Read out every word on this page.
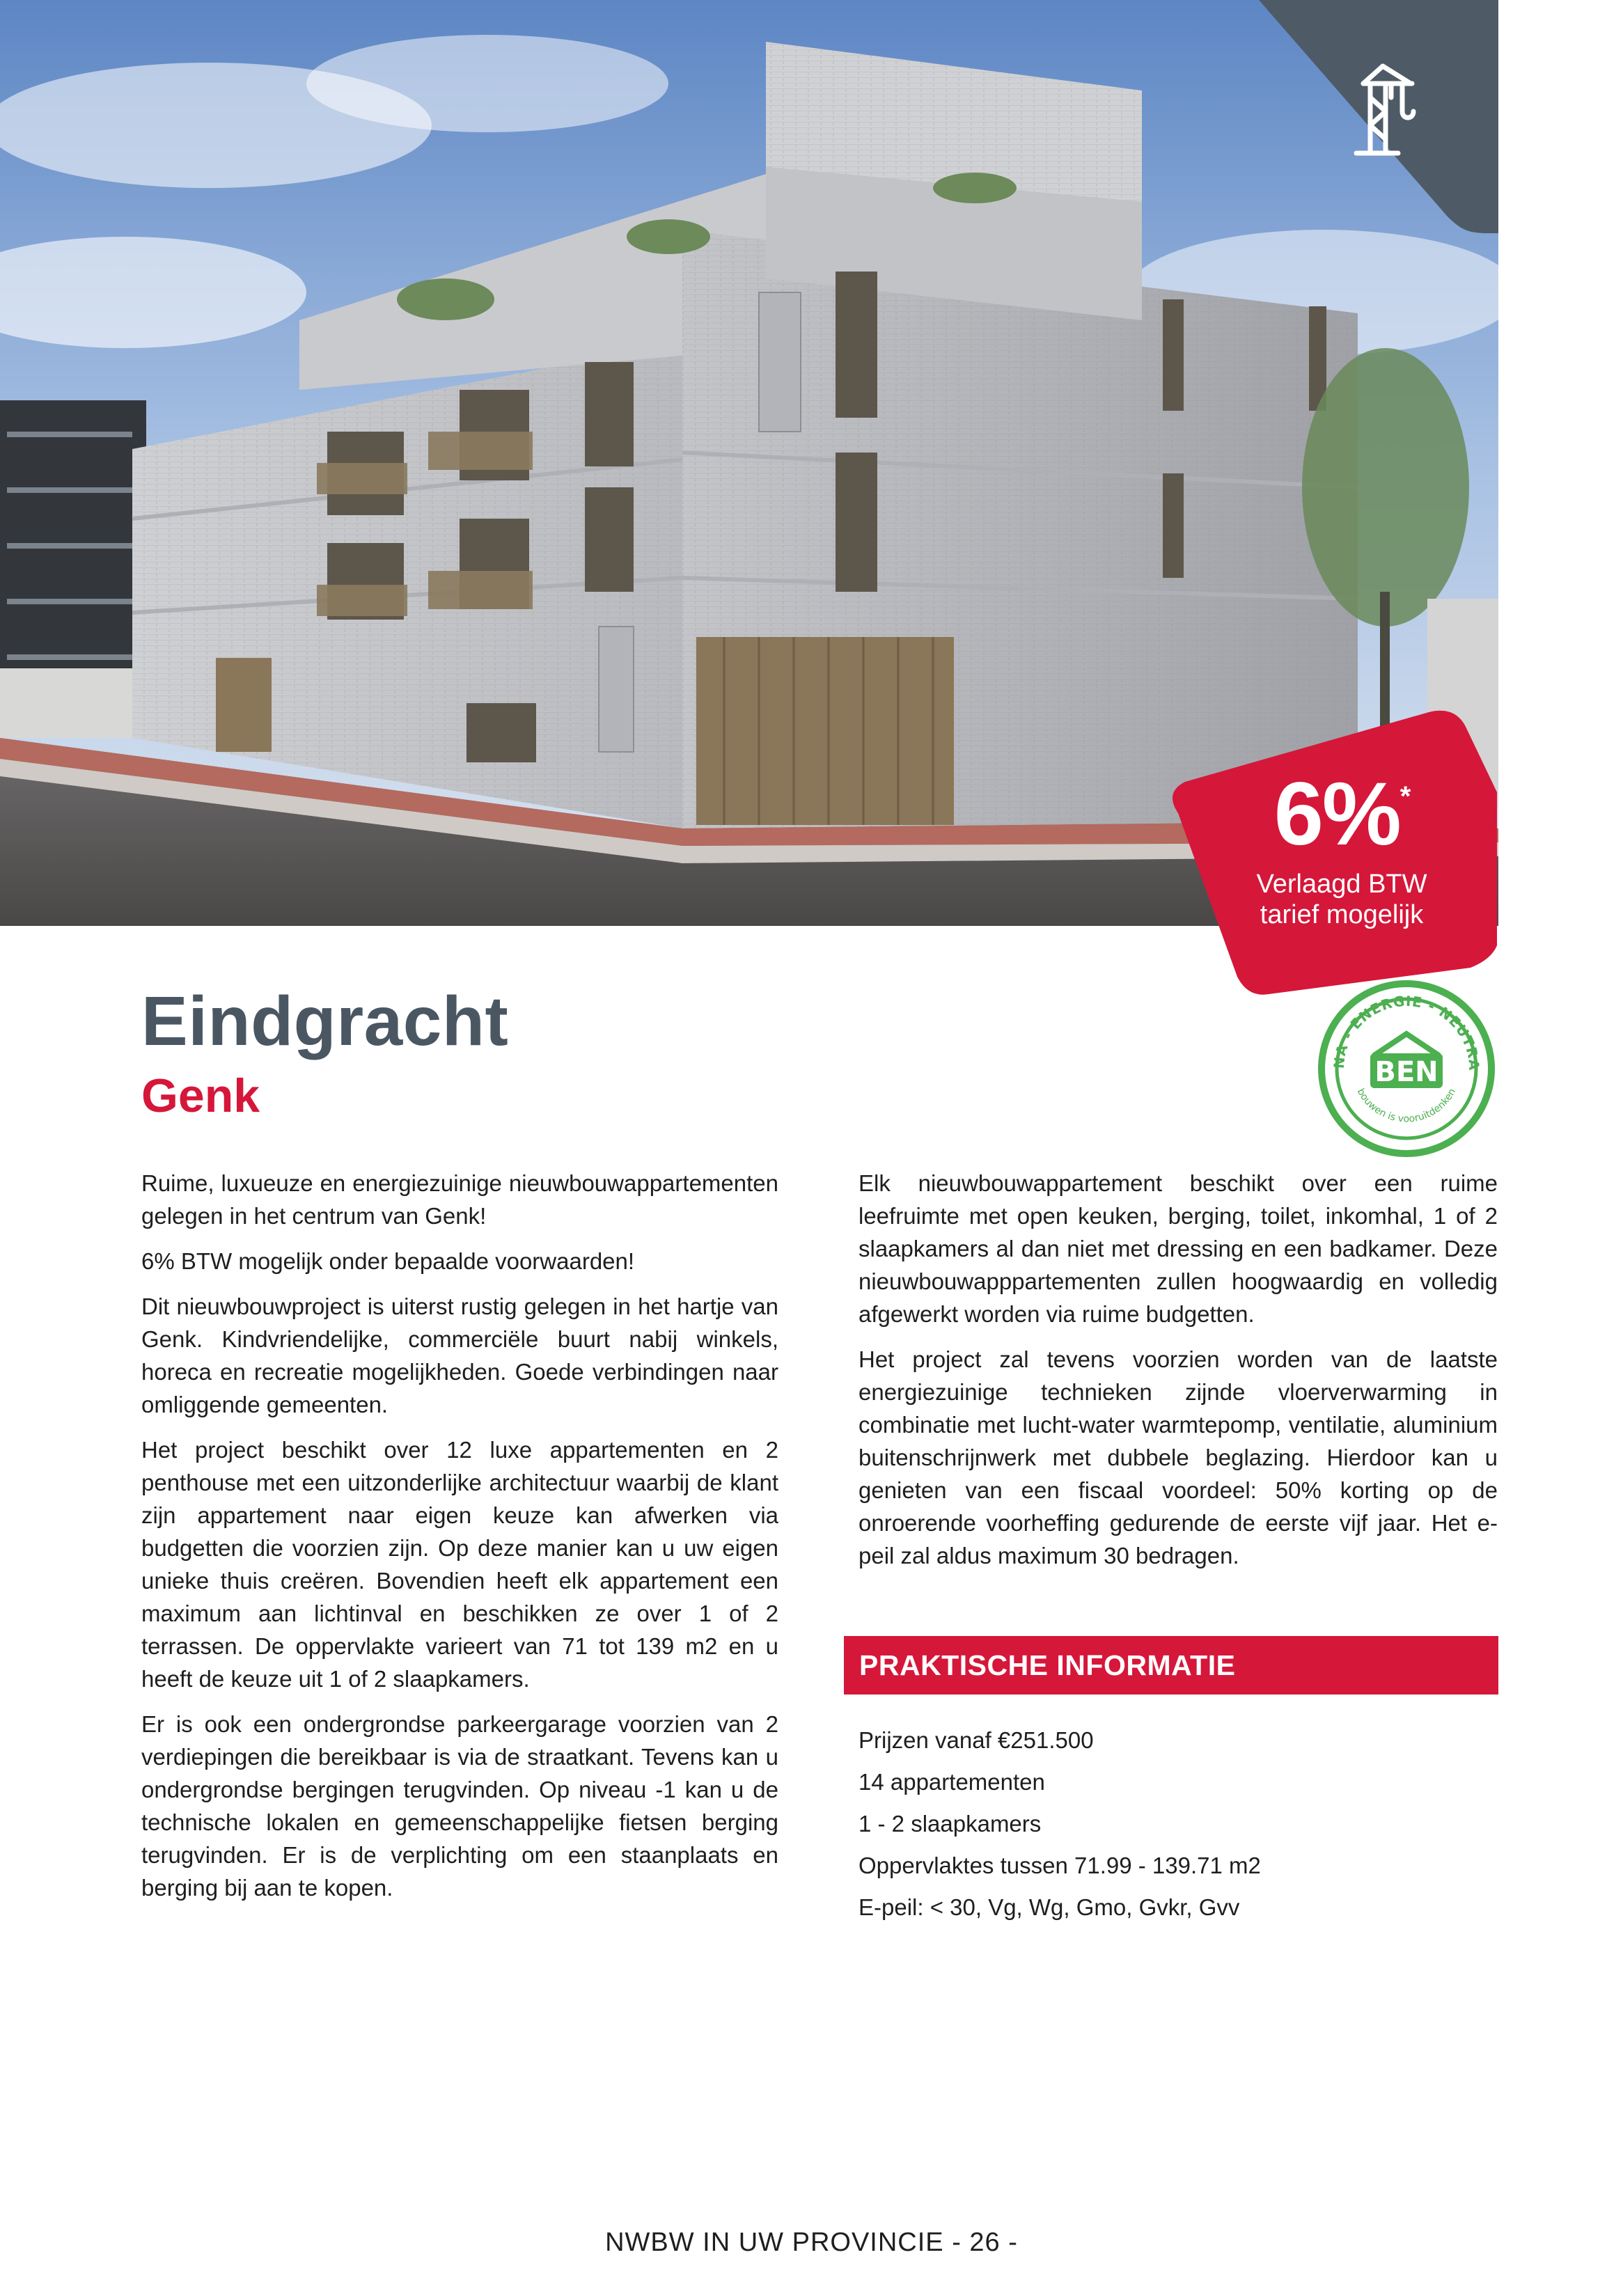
6%*
Verlaagd BTW
tarief mogelijk
NA - ENERGIE - NEUTRA
BEN
bouwen is vooruitdenken
Eindgracht
Genk

Ruime, luxueuze en energiezuinige nieuwbouwappartementen gelegen in het centrum van Genk!

6% BTW mogelijk onder bepaalde voorwaarden!

Dit nieuwbouwproject is uiterst rustig gelegen in het hartje van Genk. Kindvriendelijke, commerciële buurt nabij winkels, horeca en recreatie mogelijkheden. Goede verbindingen naar omliggende gemeenten.

Het project beschikt over 12 luxe appartementen en 2 penthouse met een uitzonderlijke architectuur waarbij de klant zijn appartement naar eigen keuze kan afwerken via budgetten die voorzien zijn. Op deze manier kan u uw eigen unieke thuis creëren. Bovendien heeft elk appartement een maximum aan lichtinval en beschikken ze over 1 of 2 terrassen. De oppervlakte varieert van 71 tot 139 m2 en u heeft de keuze uit 1 of 2 slaapkamers.

Er is ook een ondergrondse parkeergarage voorzien van 2 verdiepingen die bereikbaar is via de straatkant. Tevens kan u ondergrondse bergingen terugvinden. Op niveau -1 kan u de technische lokalen en gemeenschappelijke fietsen berging terugvinden. Er is de verplichting om een staanplaats en berging bij aan te kopen.

Elk nieuwbouwappartement beschikt over een ruime leefruimte met open keuken, berging, toilet, inkomhal, 1 of 2 slaapkamers al dan niet met dressing en een badkamer. Deze nieuwbouwapppartementen zullen hoogwaardig en volledig afgewerkt worden via ruime budgetten.

Het project zal tevens voorzien worden van de laatste energiezuinige technieken zijnde vloerverwarming in combinatie met lucht-water warmtepomp, ventilatie, aluminium buitenschrijnwerk met dubbele beglazing. Hierdoor kan u genieten van een fiscaal voordeel: 50% korting op de onroerende voorheffing gedurende de eerste vijf jaar. Het e-peil zal aldus maximum 30 bedragen.

PRAKTISCHE INFORMATIE
Prijzen vanaf €251.500
14 appartementen
1 - 2 slaapkamers
Oppervlaktes tussen 71.99 - 139.71 m2
E-peil: < 30, Vg, Wg, Gmo, Gvkr, Gvv
NWBW IN UW PROVINCIE - 26 -
